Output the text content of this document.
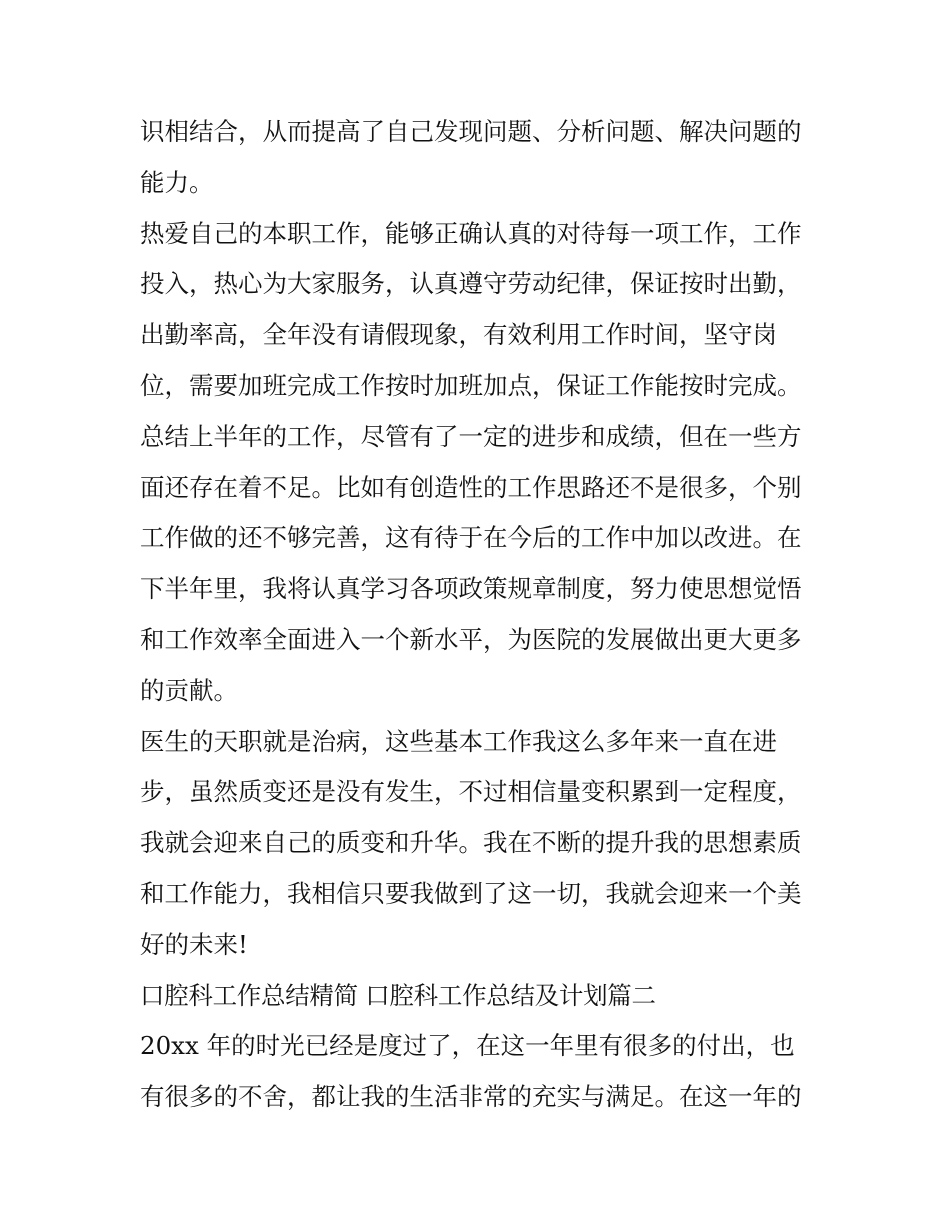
识相结合，从而提高了自己发现问题、分析问题、解决问题的
能力。
热爱自己的本职工作，能够正确认真的对待每一项工作，工作
投入，热心为大家服务，认真遵守劳动纪律，保证按时出勤，
出勤率高，全年没有请假现象，有效利用工作时间，坚守岗
位，需要加班完成工作按时加班加点，保证工作能按时完成。
总结上半年的工作，尽管有了一定的进步和成绩，但在一些方
面还存在着不足。比如有创造性的工作思路还不是很多，个别
工作做的还不够完善，这有待于在今后的工作中加以改进。在
下半年里，我将认真学习各项政策规章制度，努力使思想觉悟
和工作效率全面进入一个新水平，为医院的发展做出更大更多
的贡献。
医生的天职就是治病，这些基本工作我这么多年来一直在进
步，虽然质变还是没有发生，不过相信量变积累到一定程度，
我就会迎来自己的质变和升华。我在不断的提升我的思想素质
和工作能力，我相信只要我做到了这一切，我就会迎来一个美
好的未来!
口腔科工作总结精简 口腔科工作总结及计划篇二
20xx 年的时光已经是度过了，在这一年里有很多的付出，也
有很多的不舍，都让我的生活非常的充实与满足。在这一年的
